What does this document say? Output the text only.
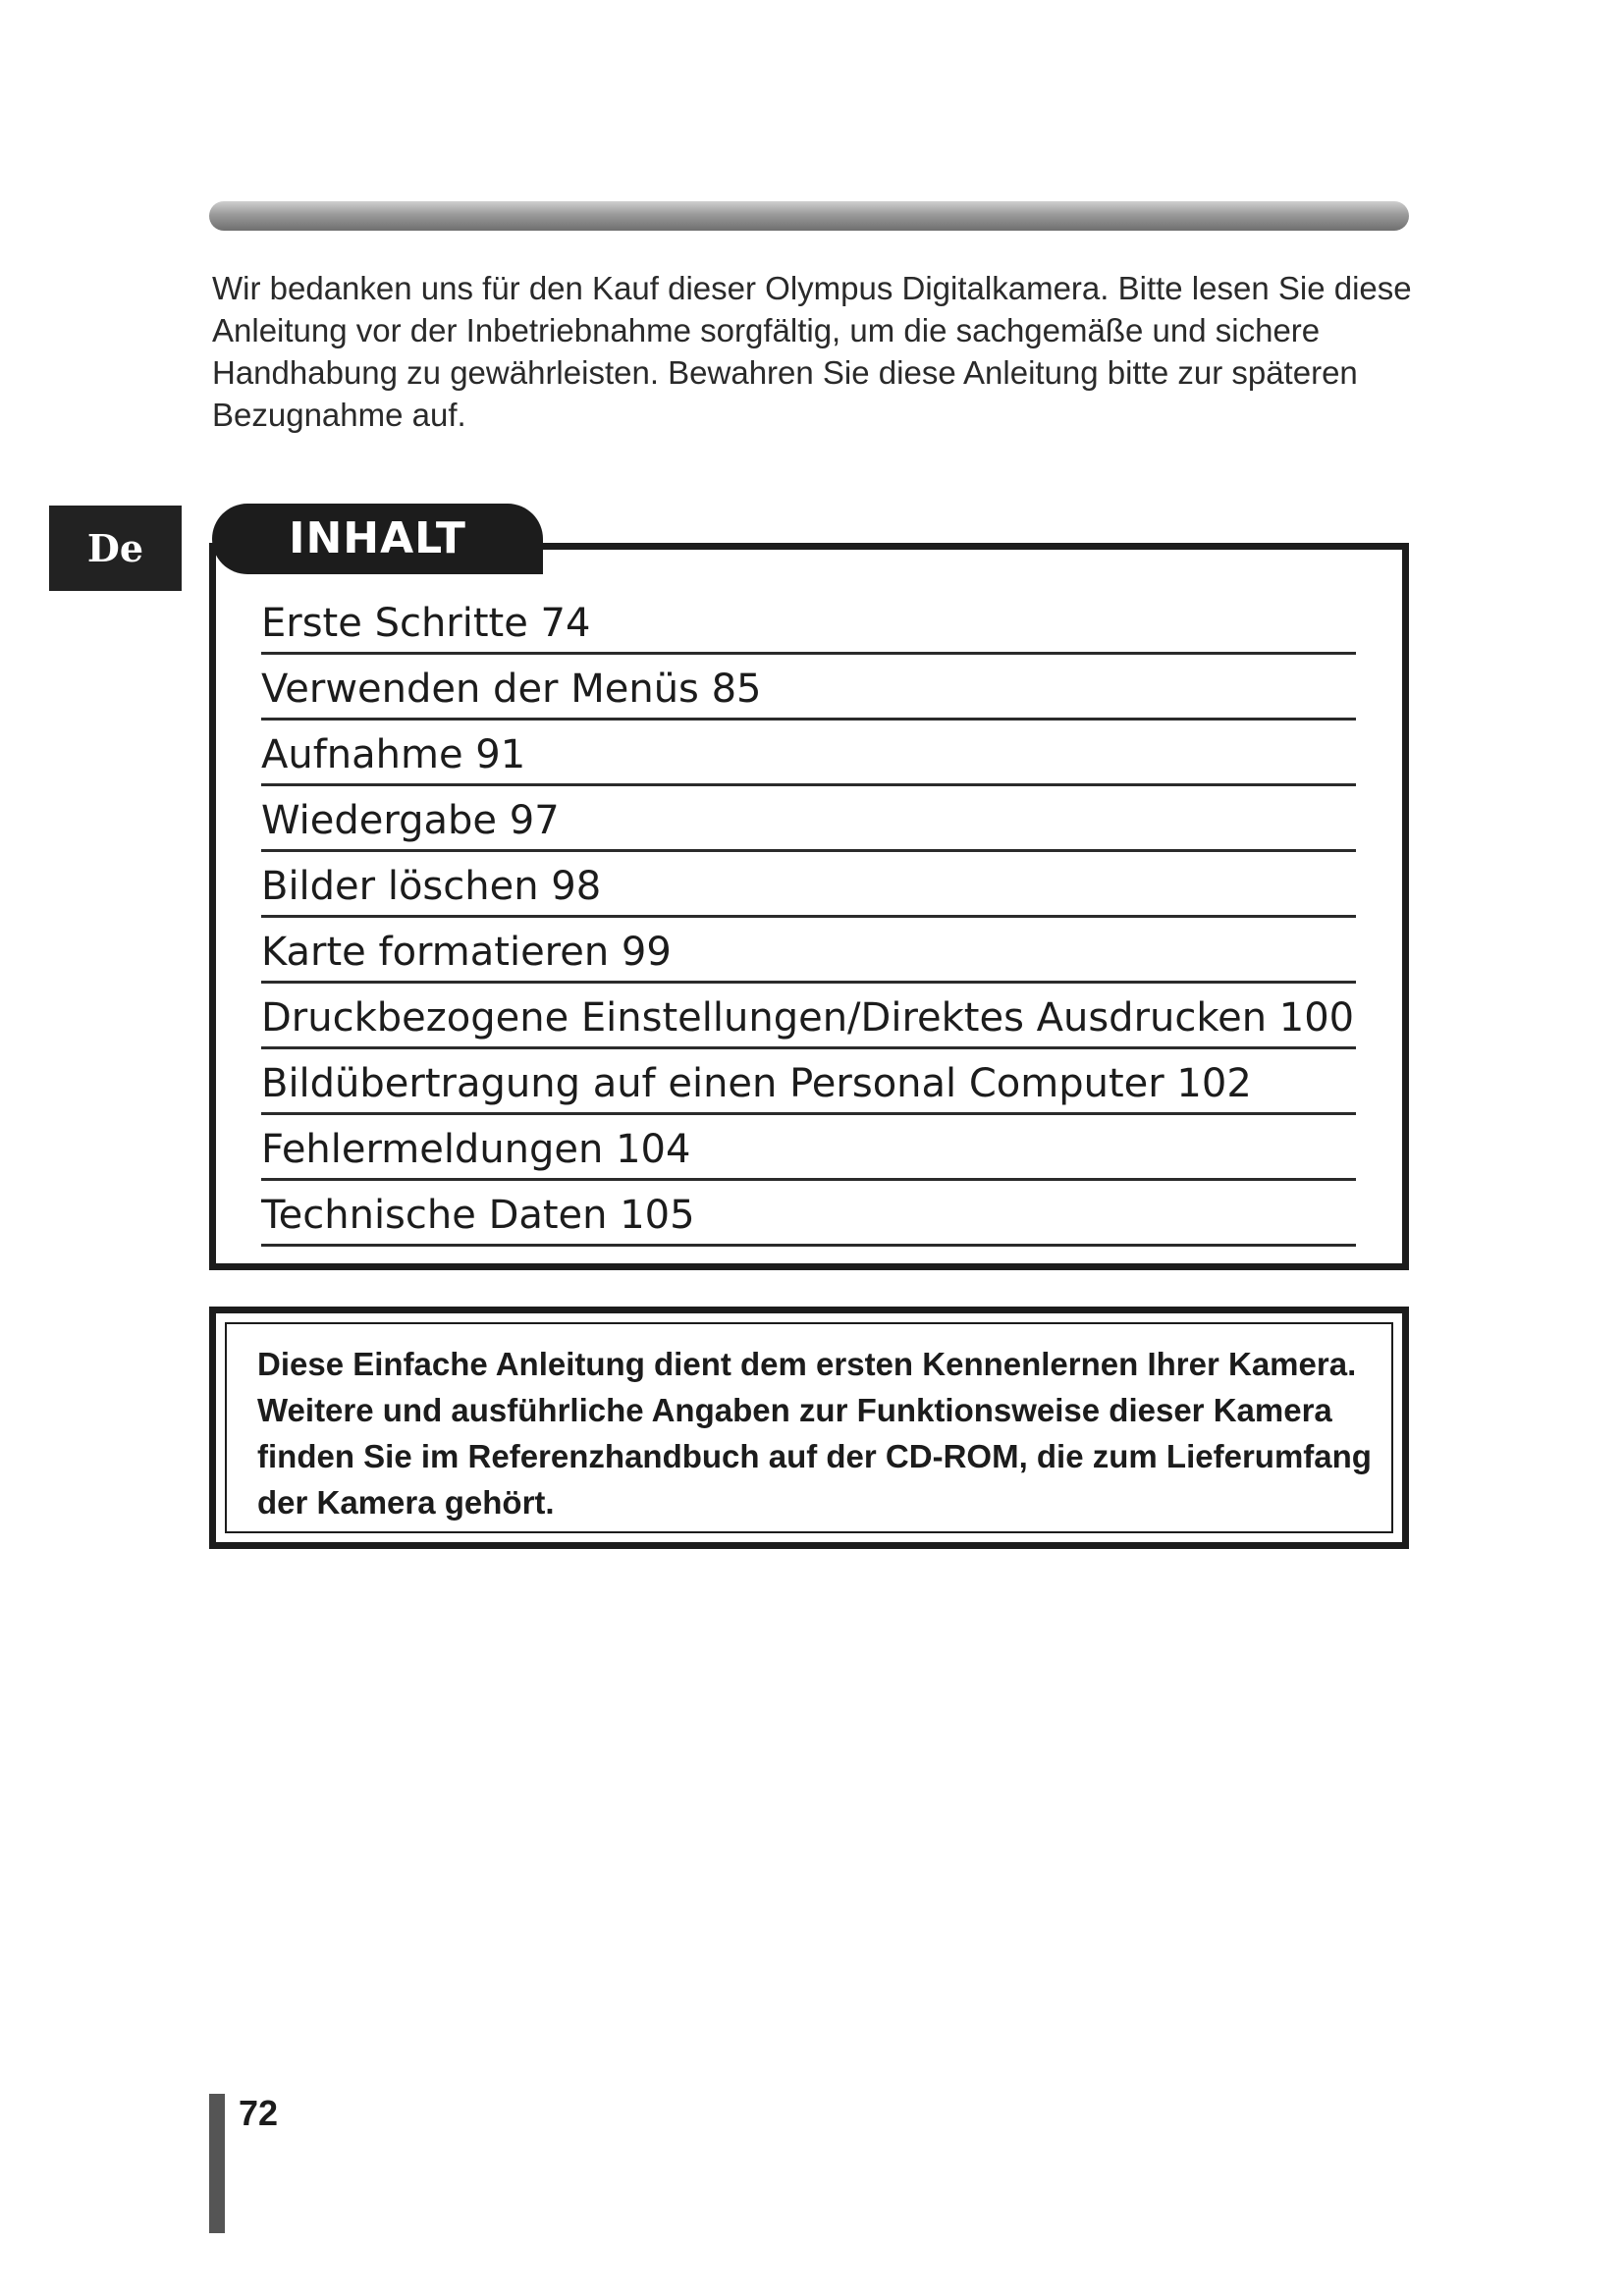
Wir bedanken uns für den Kauf dieser Olympus Digitalkamera. Bitte lesen Sie diese Anleitung vor der Inbetriebnahme sorgfältig, um die sachgemäße und sichere Handhabung zu gewährleisten. Bewahren Sie diese Anleitung bitte zur späteren Bezugnahme auf.

De	INHALT
Erste Schritte 74
Verwenden der Menüs 85
Aufnahme 91
Wiedergabe 97
Bilder löschen 98
Karte formatieren 99
Druckbezogene Einstellungen/Direktes Ausdrucken 100
Bildübertragung auf einen Personal Computer 102
Fehlermeldungen 104
Technische Daten 105

Diese Einfache Anleitung dient dem ersten Kennenlernen Ihrer Kamera. Weitere und ausführliche Angaben zur Funktionsweise dieser Kamera finden Sie im Referenzhandbuch auf der CD-ROM, die zum Lieferumfang der Kamera gehört.

72
